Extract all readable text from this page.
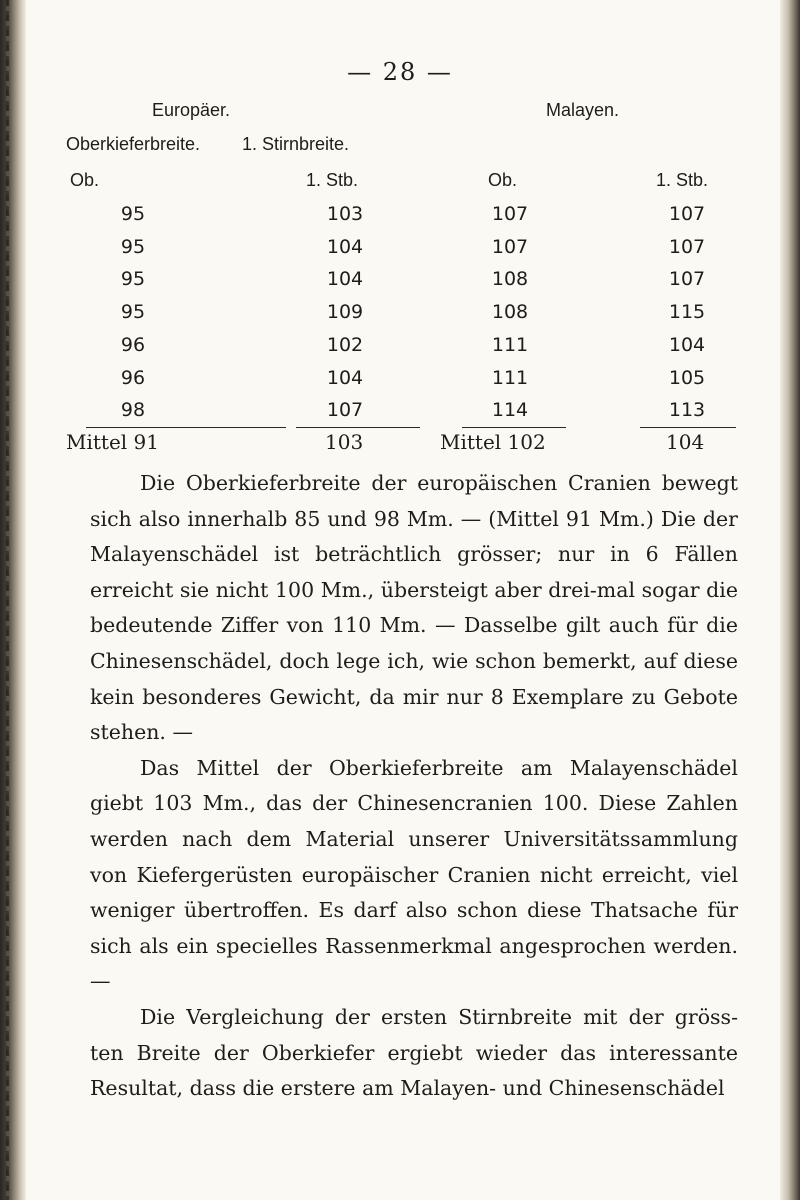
— 28 —
Europäer.	Malayen.
Oberkieferbreite. 1. Stirnbreite.
Ob.	1. Stb.	Ob.	1. Stb.
95	103	107	107
95	104	107	107
95	104	108	107
95	109	108	115
96	102	111	104
96	104	111	105
98	107	114	113
Mittel 91	103	Mittel 102	104

Die Oberkieferbreite der europäischen Cranien bewegt sich also innerhalb 85 und 98 Mm. — (Mittel 91 Mm.) Die der Malayenschädel ist beträchtlich grösser; nur in 6 Fällen erreicht sie nicht 100 Mm., übersteigt aber drei-mal sogar die bedeutende Ziffer von 110 Mm. — Dasselbe gilt auch für die Chinesenschädel, doch lege ich, wie schon bemerkt, auf diese kein besonderes Gewicht, da mir nur 8 Exemplare zu Gebote stehen. —

Das Mittel der Oberkieferbreite am Malayenschädel giebt 103 Mm., das der Chinesencranien 100. Diese Zahlen werden nach dem Material unserer Universitätssammlung von Kiefergerüsten europäischer Cranien nicht erreicht, viel weniger übertroffen. Es darf also schon diese Thatsache für sich als ein specielles Rassenmerkmal angesprochen werden. —

Die Vergleichung der ersten Stirnbreite mit der gröss-ten Breite der Oberkiefer ergiebt wieder das interessante Resultat, dass die erstere am Malayen- und Chinesenschädel
